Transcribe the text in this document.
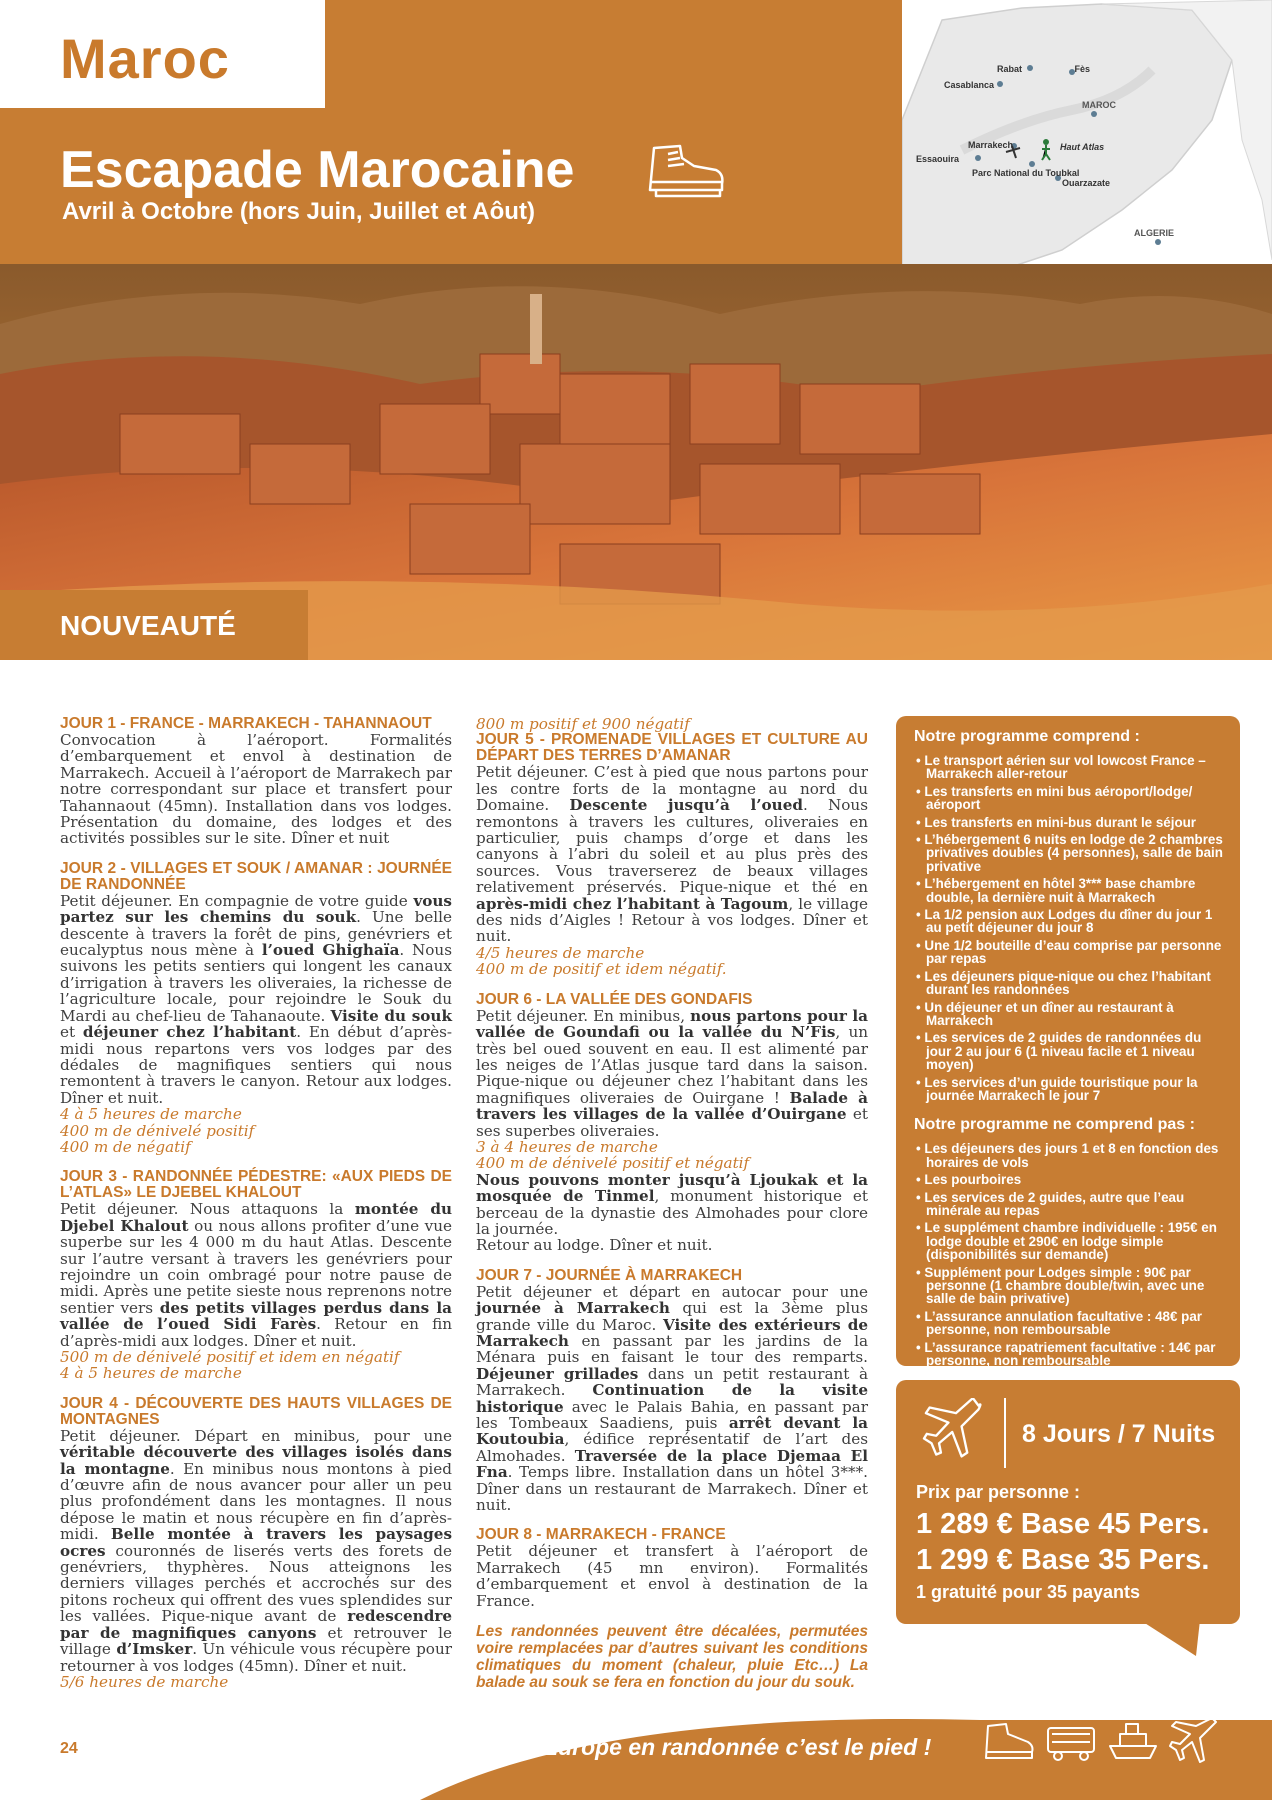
Maroc
Escapade Marocaine
Avril à Octobre (hors Juin, Juillet et Aôut)
Rabat	Fès
Casablanca
MAROC
Marrakech	Haut Atlas
Essaouira
Parc National du Toubkal
Ouarzazate
ALGERIE
NOUVEAUTÉ
JOUR 1 - FRANCE - MARRAKECH - TAHANNAOUT
Convocation à l’aéroport. Formalités d’embarquement et envol à destination de Marrakech. Accueil à l’aéroport de Marrakech par notre correspondant sur place et transfert pour Tahannaout (45mn). Installation dans vos lodges. Présentation du domaine, des lodges et des activités possibles sur le site. Dîner et nuit
JOUR 2 - VILLAGES ET SOUK / AMANAR : JOURNÉE DE RANDONNÉE
Petit déjeuner. En compagnie de votre guide vous partez sur les chemins du souk. Une belle descente à travers la forêt de pins, genévriers et eucalyptus nous mène à l’oued Ghighaïa. Nous suivons les petits sentiers qui longent les canaux d’irrigation à travers les oliveraies, la richesse de l’agriculture locale, pour rejoindre le Souk du Mardi au chef-lieu de Tahanaoute. Visite du souk et déjeuner chez l’habitant. En début d’après-midi nous repartons vers vos lodges par des dédales de magnifiques sentiers qui nous remontent à travers le canyon. Retour aux lodges. Dîner et nuit.
4 à 5 heures de marche
400 m de dénivelé positif
400 m de négatif
JOUR 3 - RANDONNÉE PÉDESTRE: «AUX PIEDS DE L’ATLAS» LE DJEBEL KHALOUT
Petit déjeuner. Nous attaquons la montée du Djebel Khalout ou nous allons profiter d’une vue superbe sur les 4 000 m du haut Atlas. Descente sur l’autre versant à travers les genévriers pour rejoindre un coin ombragé pour notre pause de midi. Après une petite sieste nous reprenons notre sentier vers des petits villages perdus dans la vallée de l’oued Sidi Farès. Retour en fin d’après-midi aux lodges. Dîner et nuit.
500 m de dénivelé positif et idem en négatif
4 à 5 heures de marche
JOUR 4 - DÉCOUVERTE DES HAUTS VILLAGES DE MONTAGNES
Petit déjeuner. Départ en minibus, pour une véritable découverte des villages isolés dans la montagne. En minibus nous montons à pied d’œuvre afin de nous avancer pour aller un peu plus profondément dans les montagnes. Il nous dépose le matin et nous récupère en fin d’après-midi. Belle montée à travers les paysages ocres couronnés de liserés verts des forets de genévriers, thyphères. Nous atteignons les derniers villages perchés et accrochés sur des pitons rocheux qui offrent des vues splendides sur les vallées. Pique-nique avant de redescendre par de magnifiques canyons et retrouver le village d’Imsker. Un véhicule vous récupère pour retourner à vos lodges (45mn). Dîner et nuit.
5/6 heures de marche
800 m positif et 900 négatif
JOUR 5 - PROMENADE VILLAGES ET CULTURE AU DÉPART DES TERRES D’AMANAR
Petit déjeuner. C’est à pied que nous partons pour les contre forts de la montagne au nord du Domaine. Descente jusqu’à l’oued. Nous remontons à travers les cultures, oliveraies en particulier, puis champs d’orge et dans les canyons à l’abri du soleil et au plus près des sources. Vous traverserez de beaux villages relativement préservés. Pique-nique et thé en après-midi chez l’habitant à Tagoum, le village des nids d’Aigles ! Retour à vos lodges. Dîner et nuit.
4/5 heures de marche
400 m de positif et idem négatif.
JOUR 6 - LA VALLÉE DES GONDAFIS
Petit déjeuner. En minibus, nous partons pour la vallée de Goundafi ou la vallée du N’Fis, un très bel oued souvent en eau. Il est alimenté par les neiges de l’Atlas jusque tard dans la saison. Pique-nique ou déjeuner chez l’habitant dans les magnifiques oliveraies de Ouirgane ! Balade à travers les villages de la vallée d’Ouirgane et ses superbes oliveraies.
3 à 4 heures de marche
400 m de dénivelé positif et négatif
Nous pouvons monter jusqu’à Ljoukak et la mosquée de Tinmel, monument historique et berceau de la dynastie des Almohades pour clore la journée.
Retour au lodge. Dîner et nuit.
JOUR 7 - JOURNÉE À MARRAKECH
Petit déjeuner et départ en autocar pour une journée à Marrakech qui est la 3ème plus grande ville du Maroc. Visite des extérieurs de Marrakech en passant par les jardins de la Ménara puis en faisant le tour des remparts. Déjeuner grillades dans un petit restaurant à Marrakech. Continuation de la visite historique avec le Palais Bahia, en passant par les Tombeaux Saadiens, puis arrêt devant la Koutoubia, édifice représentatif de l’art des Almohades. Traversée de la place Djemaa El Fna. Temps libre. Installation dans un hôtel 3***. Dîner dans un restaurant de Marrakech. Dîner et nuit.
JOUR 8 - MARRAKECH - FRANCE
Petit déjeuner et transfert à l’aéroport de Marrakech (45 mn environ). Formalités d’embarquement et envol à destination de la France.
Les randonnées peuvent être décalées, permutées voire remplacées par d’autres suivant les conditions climatiques du moment (chaleur, pluie Etc…) La balade au souk se fera en fonction du jour du souk.
Notre programme comprend :
• Le transport aérien sur vol lowcost France – Marrakech aller-retour
• Les transferts en mini bus aéroport/lodge/ aéroport
• Les transferts en mini-bus durant le séjour
• L’hébergement 6 nuits en lodge de 2 chambres privatives doubles (4 personnes), salle de bain privative
• L’hébergement en hôtel 3*** base chambre double, la dernière nuit à Marrakech
• La 1/2 pension aux Lodges du dîner du jour 1 au petit déjeuner du jour 8
• Une 1/2 bouteille d’eau comprise par personne par repas
• Les déjeuners pique-nique ou chez l’habitant durant les randonnées
• Un déjeuner et un dîner au restaurant à Marrakech
• Les services de 2 guides de randonnées du jour 2 au jour 6 (1 niveau facile et 1 niveau moyen)
• Les services d’un guide touristique pour la journée Marrakech le jour 7
Notre programme ne comprend pas :
• Les déjeuners des jours 1 et 8 en fonction des horaires de vols
• Les pourboires
• Les services de 2 guides, autre que l’eau minérale au repas
• Le supplément chambre individuelle : 195€ en lodge double et 290€ en lodge simple (disponibilités sur demande)
• Supplément pour Lodges simple : 90€ par personne (1 chambre double/twin, avec une salle de bain privative)
• L’assurance annulation facultative : 48€ par personne, non remboursable
• L’assurance rapatriement facultative : 14€ par personne, non remboursable
8 Jours / 7 Nuits
Prix par personne :
1 289 € Base 45 Pers.
1 299 € Base 35 Pers.
1 gratuité pour 35 payants
24	L’Europe en randonnée c’est le pied !
